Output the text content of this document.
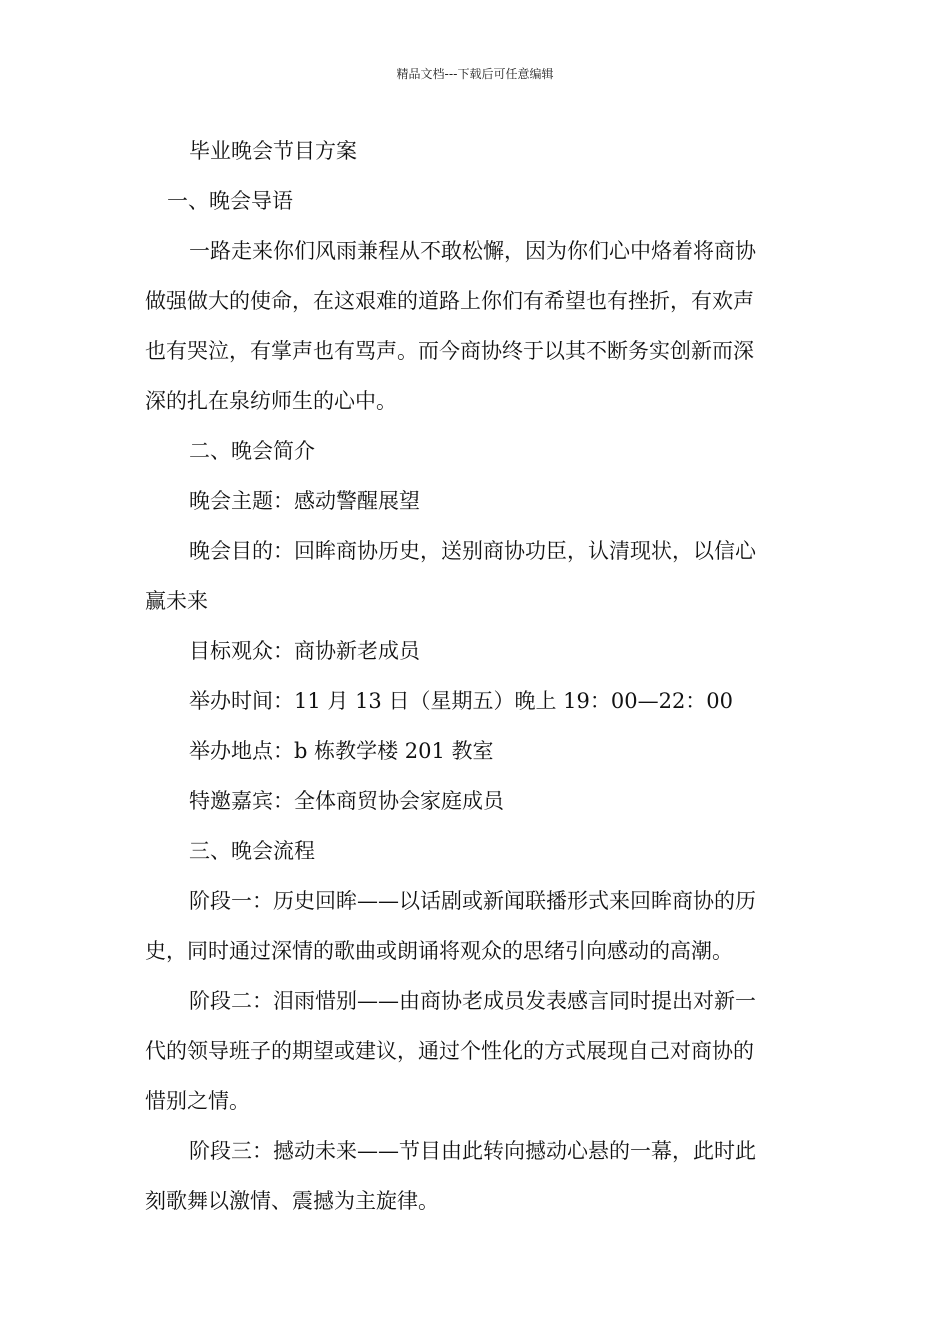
精品文档---下载后可任意编辑
毕业晚会节目方案
一、晚会导语
一路走来你们风雨兼程从不敢松懈，因为你们心中烙着将商协
做强做大的使命，在这艰难的道路上你们有希望也有挫折，有欢声
也有哭泣，有掌声也有骂声。而今商协终于以其不断务实创新而深
深的扎在泉纺师生的心中。
二、晚会简介
晚会主题：感动警醒展望
晚会目的：回眸商协历史，送别商协功臣，认清现状，以信心
赢未来
目标观众：商协新老成员
举办时间：11 月 13 日（星期五）晚上 19：00—22：00
举办地点：b 栋教学楼 201 教室
特邀嘉宾：全体商贸协会家庭成员
三、晚会流程
阶段一：历史回眸——以话剧或新闻联播形式来回眸商协的历
史，同时通过深情的歌曲或朗诵将观众的思绪引向感动的高潮。
阶段二：泪雨惜别——由商协老成员发表感言同时提出对新一
代的领导班子的期望或建议，通过个性化的方式展现自己对商协的
惜别之情。
阶段三：撼动未来——节目由此转向撼动心悬的一幕，此时此
刻歌舞以激情、震撼为主旋律。
